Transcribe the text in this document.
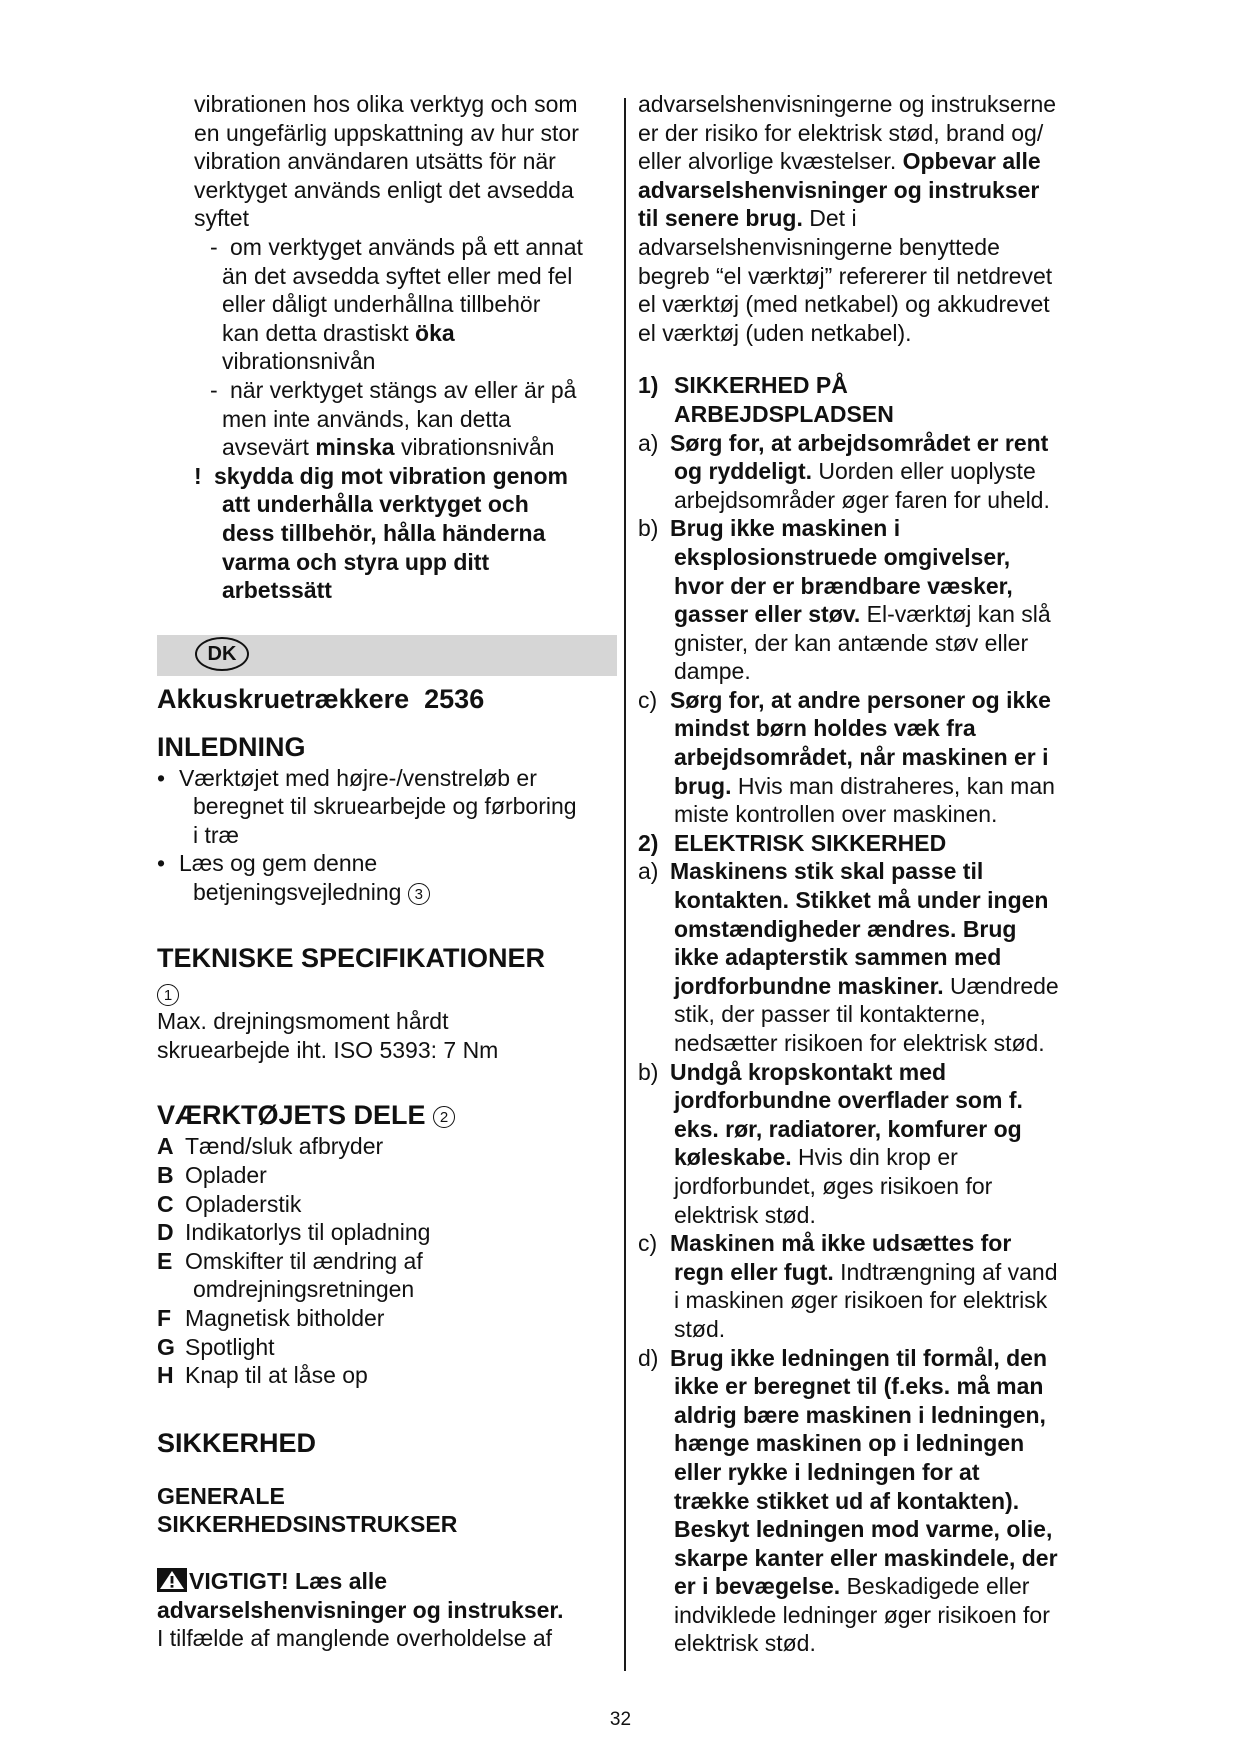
vibrationen hos olika verktyg och som

en ungefärlig uppskattning av hur stor

vibration användaren utsätts för när

verktyget används enligt det avsedda

syftet

- om verktyget används på ett annat

än det avsedda syftet eller med fel

eller dåligt underhållna tillbehör

kan detta drastiskt öka

vibrationsnivån

- när verktyget stängs av eller är på

men inte används, kan detta

avsevärt minska vibrationsnivån

! skydda dig mot vibration genom

att underhålla verktyget och

dess tillbehör, hålla händerna

varma och styra upp ditt

arbetssätt

DK

Akkuskruetrækkere  2536

INLEDNING

• Værktøjet med højre-/venstreløb er

beregnet til skruearbejde og førboring

i træ

• Læs og gem denne

betjeningsvejledning 3

TEKNISKE SPECIFIKATIONER

1

Max. drejningsmoment hårdt

skruearbejde iht. ISO 5393: 7 Nm

VÆRKTØJETS DELE 2

A Tænd/sluk afbryder

B Oplader

C Opladerstik

D Indikatorlys til opladning

E Omskifter til ændring af

omdrejningsretningen

F Magnetisk bitholder

G Spotlight

H Knap til at låse op

SIKKERHED

GENERALE

SIKKERHEDSINSTRUKSER

VIGTIGT! Læs alle

advarselshenvisninger og instrukser.

I tilfælde af manglende overholdelse af

advarselshenvisningerne og instrukserne

er der risiko for elektrisk stød, brand og/

eller alvorlige kvæstelser. Opbevar alle

advarselshenvisninger og instrukser

til senere brug. Det i

advarselshenvisningerne benyttede

begreb “el værktøj” refererer til netdrevet

el værktøj (med netkabel) og akkudrevet

el værktøj (uden netkabel).

1) SIKKERHED PÅ

ARBEJDSPLADSEN

a) Sørg for, at arbejdsområdet er rent

og ryddeligt. Uorden eller uoplyste

arbejdsområder øger faren for uheld.

b) Brug ikke maskinen i

eksplosionstruede omgivelser,

hvor der er brændbare væsker,

gasser eller støv. El-værktøj kan slå

gnister, der kan antænde støv eller

dampe.

c) Sørg for, at andre personer og ikke

mindst børn holdes væk fra

arbejdsområdet, når maskinen er i

brug. Hvis man distraheres, kan man

miste kontrollen over maskinen.

2) ELEKTRISK SIKKERHED

a) Maskinens stik skal passe til

kontakten. Stikket må under ingen

omstændigheder ændres. Brug

ikke adapterstik sammen med

jordforbundne maskiner. Uændrede

stik, der passer til kontakterne,

nedsætter risikoen for elektrisk stød.

b) Undgå kropskontakt med

jordforbundne overflader som f.

eks. rør, radiatorer, komfurer og

køleskabe. Hvis din krop er

jordforbundet, øges risikoen for

elektrisk stød.

c) Maskinen må ikke udsættes for

regn eller fugt. Indtrængning af vand

i maskinen øger risikoen for elektrisk

stød.

d) Brug ikke ledningen til formål, den

ikke er beregnet til (f.eks. må man

aldrig bære maskinen i ledningen,

hænge maskinen op i ledningen

eller rykke i ledningen for at

trække stikket ud af kontakten).

Beskyt ledningen mod varme, olie,

skarpe kanter eller maskindele, der

er i bevægelse. Beskadigede eller

indviklede ledninger øger risikoen for

elektrisk stød.

32
